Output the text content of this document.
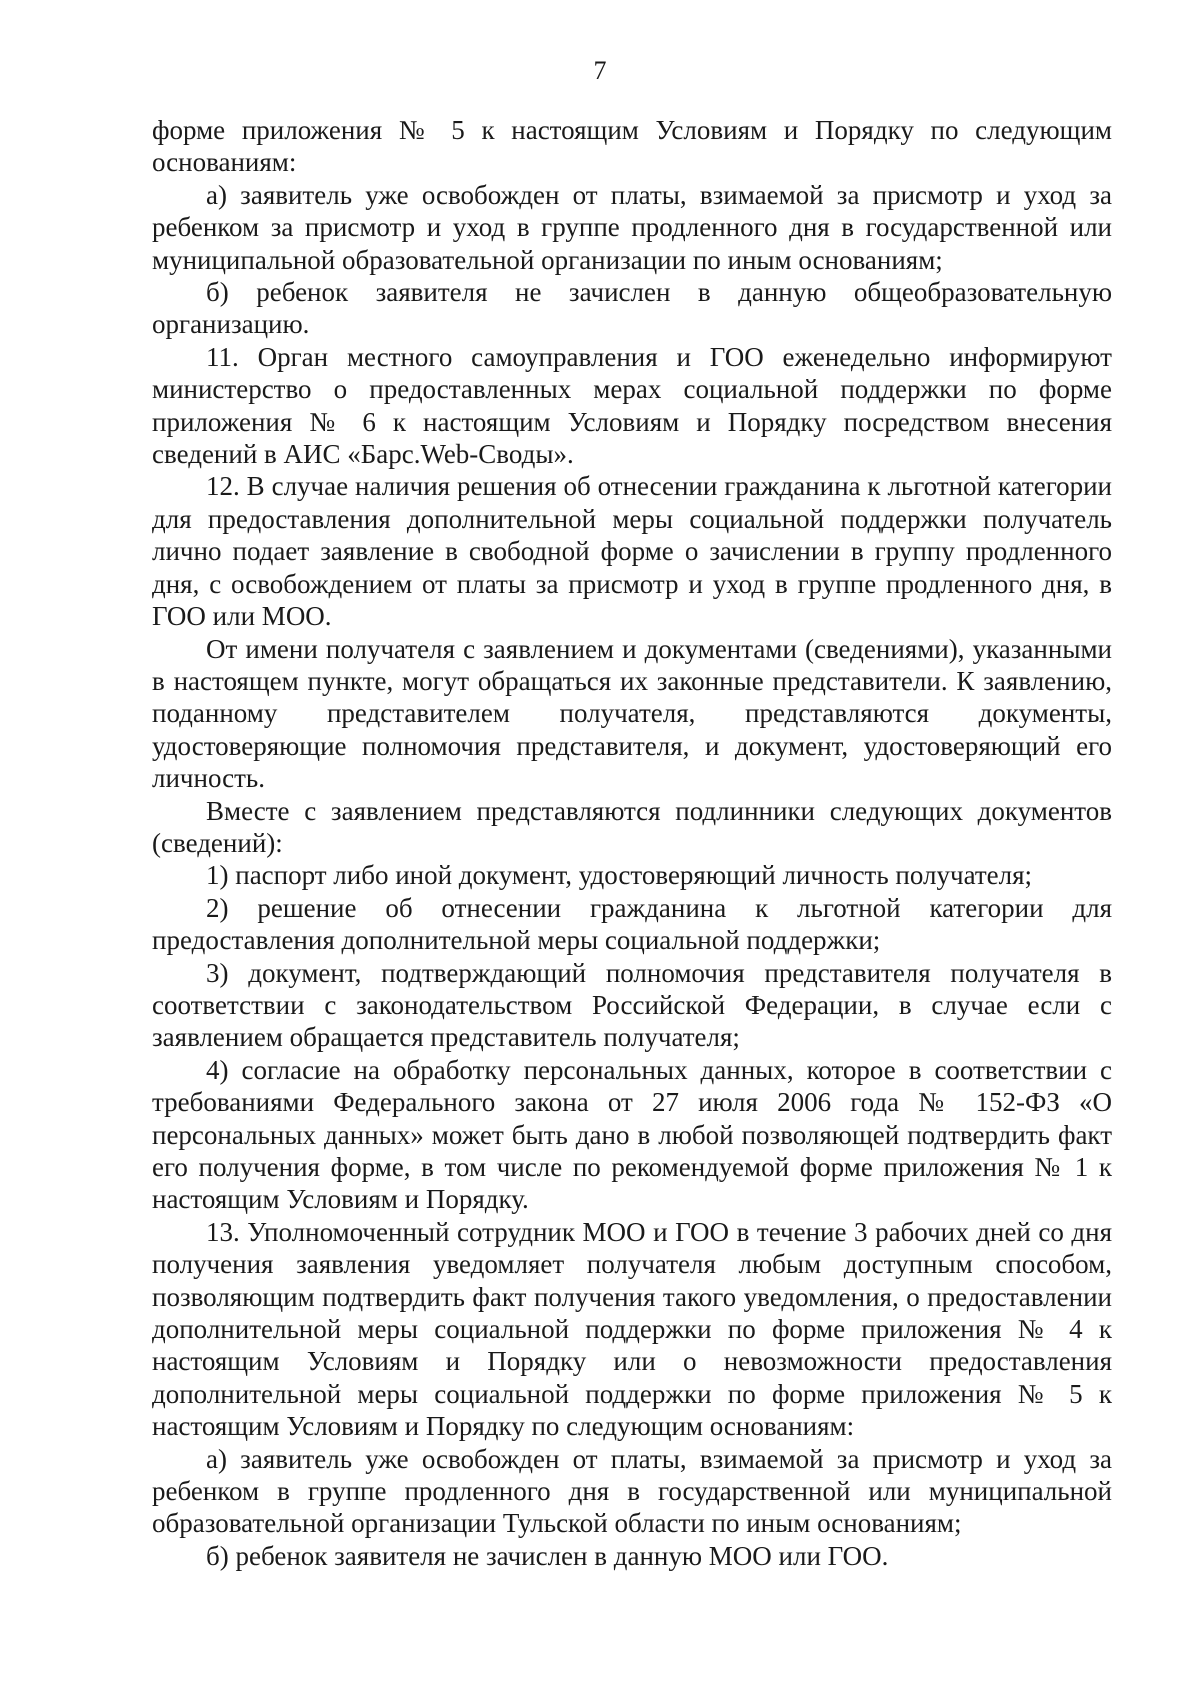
7

форме приложения № 5 к настоящим Условиям и Порядку по следующим основаниям:

а) заявитель уже освобожден от платы, взимаемой за присмотр и уход за ребенком за присмотр и уход в группе продленного дня в государственной или муниципальной образовательной организации по иным основаниям;

б) ребенок заявителя не зачислен в данную общеобразовательную организацию.

11. Орган местного самоуправления и ГОО еженедельно информируют министерство о предоставленных мерах социальной поддержки по форме приложения № 6 к настоящим Условиям и Порядку посредством внесения сведений в АИС «Барс.Web-Своды».

12. В случае наличия решения об отнесении гражданина к льготной категории для предоставления дополнительной меры социальной поддержки получатель лично подает заявление в свободной форме о зачислении в группу продленного дня, с освобождением от платы за присмотр и уход в группе продленного дня, в ГОО или МОО.

От имени получателя с заявлением и документами (сведениями), указанными в настоящем пункте, могут обращаться их законные представители. К заявлению, поданному представителем получателя, представляются документы, удостоверяющие полномочия представителя, и документ, удостоверяющий его личность.

Вместе с заявлением представляются подлинники следующих документов (сведений):

1) паспорт либо иной документ, удостоверяющий личность получателя;

2) решение об отнесении гражданина к льготной категории для предоставления дополнительной меры социальной поддержки;

3) документ, подтверждающий полномочия представителя получателя в соответствии с законодательством Российской Федерации, в случае если с заявлением обращается представитель получателя;

4) согласие на обработку персональных данных, которое в соответствии с требованиями Федерального закона от 27 июля 2006 года № 152-ФЗ «О персональных данных» может быть дано в любой позволяющей подтвердить факт его получения форме, в том числе по рекомендуемой форме приложения № 1 к настоящим Условиям и Порядку.

13. Уполномоченный сотрудник МОО и ГОО в течение 3 рабочих дней со дня получения заявления уведомляет получателя любым доступным способом, позволяющим подтвердить факт получения такого уведомления, о предоставлении дополнительной меры социальной поддержки по форме приложения № 4 к настоящим Условиям и Порядку или о невозможности предоставления дополнительной меры социальной поддержки по форме приложения № 5 к настоящим Условиям и Порядку по следующим основаниям:

а) заявитель уже освобожден от платы, взимаемой за присмотр и уход за ребенком в группе продленного дня в государственной или муниципальной образовательной организации Тульской области по иным основаниям;

б) ребенок заявителя не зачислен в данную МОО или ГОО.
